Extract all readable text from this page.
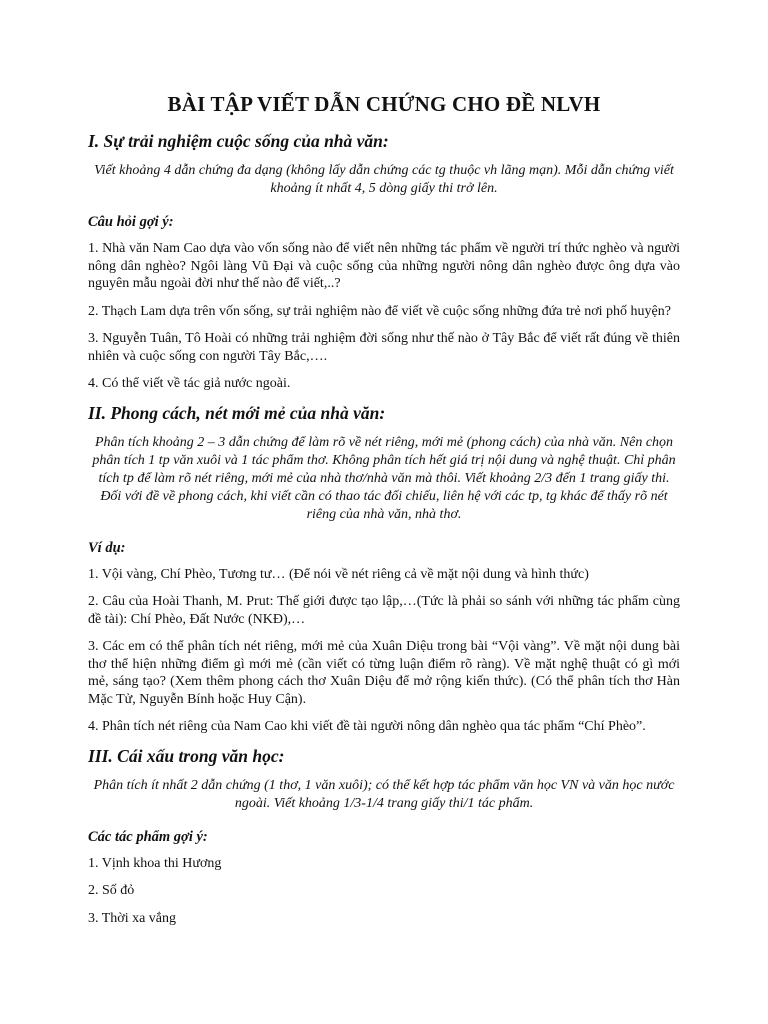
BÀI TẬP VIẾT DẪN CHỨNG CHO ĐỀ NLVH
I. Sự trải nghiệm cuộc sống của nhà văn:

Viết khoảng 4 dẫn chứng đa dạng (không lấy dẫn chứng các tg thuộc vh lãng mạn). Mỗi dẫn chứng viết khoảng ít nhất 4, 5 dòng giấy thi trở lên.

Câu hỏi gợi ý:

1. Nhà văn Nam Cao dựa vào vốn sống nào để viết nên những tác phẩm về người trí thức nghèo và người nông dân nghèo? Ngôi làng Vũ Đại và cuộc sống của những người nông dân nghèo được ông dựa vào nguyên mẫu ngoài đời như thế nào để viết,..?

2. Thạch Lam dựa trên vốn sống, sự trải nghiệm nào để viết về cuộc sống những đứa trẻ nơi phố huyện?

3. Nguyễn Tuân, Tô Hoài có những trải nghiệm đời sống như thế nào ở Tây Bắc để viết rất đúng về thiên nhiên và cuộc sống con người Tây Bắc,….

4. Có thể viết về tác giả nước ngoài.

II. Phong cách, nét mới mẻ của nhà văn:

Phân tích khoảng 2 – 3 dẫn chứng để làm rõ về nét riêng, mới mẻ (phong cách) của nhà văn. Nên chọn phân tích 1 tp văn xuôi và 1 tác phẩm thơ. Không phân tích hết giá trị nội dung và nghệ thuật. Chỉ phân tích tp để làm rõ nét riêng, mới mẻ của nhà thơ/nhà văn mà thôi. Viết khoảng 2/3 đến 1 trang giấy thi. Đối với đề về phong cách, khi viết cần có thao tác đối chiếu, liên hệ với các tp, tg khác để thấy rõ nét riêng của nhà văn, nhà thơ.

Ví dụ:

1. Vội vàng, Chí Phèo, Tương tư… (Để nói về nét riêng cả về mặt nội dung và hình thức)

2. Câu của Hoài Thanh, M. Prut: Thế giới được tạo lập,…(Tức là phải so sánh với những tác phẩm cùng đề tài): Chí Phèo, Đất Nước (NKĐ),…

3. Các em có thể phân tích nét riêng, mới mẻ của Xuân Diệu trong bài “Vội vàng”. Về mặt nội dung bài thơ thể hiện những điểm gì mới mẻ (cần viết có từng luận điểm rõ ràng). Về mặt nghệ thuật có gì mới mẻ, sáng tạo? (Xem thêm phong cách thơ Xuân Diệu để mở rộng kiến thức). (Có thể phân tích thơ Hàn Mặc Tử, Nguyễn Bính hoặc Huy Cận).

4. Phân tích nét riêng của Nam Cao khi viết đề tài người nông dân nghèo qua tác phẩm “Chí Phèo”.

III. Cái xấu trong văn học:

Phân tích ít nhất 2 dẫn chứng (1 thơ, 1 văn xuôi); có thể kết hợp tác phẩm văn học VN và văn học nước ngoài. Viết khoảng 1/3-1/4 trang giấy thi/1 tác phẩm.

Các tác phẩm gợi ý:

1. Vịnh khoa thi Hương

2. Số đỏ

3. Thời xa vắng
